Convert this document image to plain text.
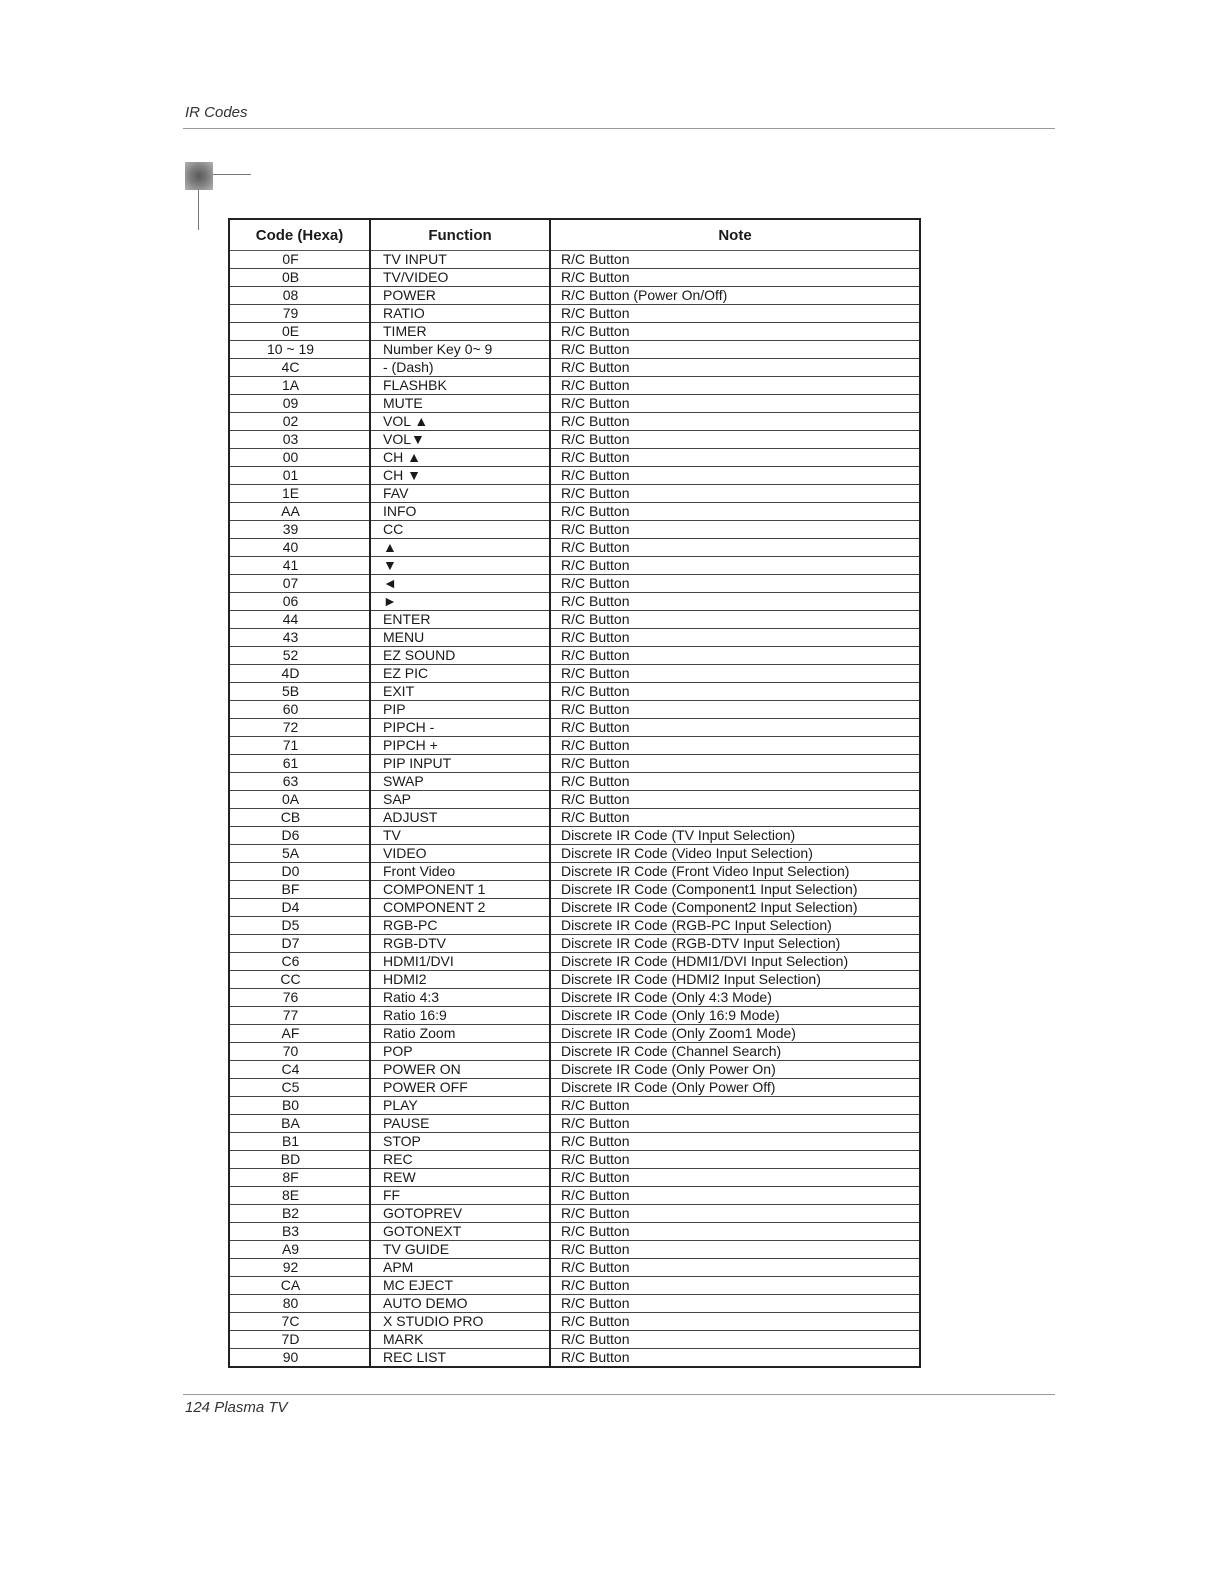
IR Codes
Code (Hexa)	Function	Note
0F	TV INPUT	R/C Button
0B	TV/VIDEO	R/C Button
08	POWER	R/C Button (Power On/Off)
79	RATIO	R/C Button
0E	TIMER	R/C Button
10 ~ 19	Number Key 0~ 9	R/C Button
4C	- (Dash)	R/C Button
1A	FLASHBK	R/C Button
09	MUTE	R/C Button
02	VOL ▲	R/C Button
03	VOL▼	R/C Button
00	CH ▲	R/C Button
01	CH ▼	R/C Button
1E	FAV	R/C Button
AA	INFO	R/C Button
39	CC	R/C Button
40	▲	R/C Button
41	▼	R/C Button
07	◄	R/C Button
06	►	R/C Button
44	ENTER	R/C Button
43	MENU	R/C Button
52	EZ SOUND	R/C Button
4D	EZ PIC	R/C Button
5B	EXIT	R/C Button
60	PIP	R/C Button
72	PIPCH -	R/C Button
71	PIPCH +	R/C Button
61	PIP INPUT	R/C Button
63	SWAP	R/C Button
0A	SAP	R/C Button
CB	ADJUST	R/C Button
D6	TV	Discrete IR Code (TV Input Selection)
5A	VIDEO	Discrete IR Code (Video Input Selection)
D0	Front Video	Discrete IR Code (Front Video Input Selection)
BF	COMPONENT 1	Discrete IR Code (Component1 Input Selection)
D4	COMPONENT 2	Discrete IR Code (Component2 Input Selection)
D5	RGB-PC	Discrete IR Code (RGB-PC Input Selection)
D7	RGB-DTV	Discrete IR Code (RGB-DTV Input Selection)
C6	HDMI1/DVI	Discrete IR Code (HDMI1/DVI Input Selection)
CC	HDMI2	Discrete IR Code (HDMI2 Input Selection)
76	Ratio 4:3	Discrete IR Code (Only 4:3 Mode)
77	Ratio 16:9	Discrete IR Code (Only 16:9 Mode)
AF	Ratio Zoom	Discrete IR Code (Only Zoom1 Mode)
70	POP	Discrete IR Code (Channel Search)
C4	POWER ON	Discrete IR Code (Only Power On)
C5	POWER OFF	Discrete IR Code (Only Power Off)
B0	PLAY	R/C Button
BA	PAUSE	R/C Button
B1	STOP	R/C Button
BD	REC	R/C Button
8F	REW	R/C Button
8E	FF	R/C Button
B2	GOTOPREV	R/C Button
B3	GOTONEXT	R/C Button
A9	TV GUIDE	R/C Button
92	APM	R/C Button
CA	MC EJECT	R/C Button
80	AUTO DEMO	R/C Button
7C	X STUDIO PRO	R/C Button
7D	MARK	R/C Button
90	REC LIST	R/C Button
124 Plasma TV
